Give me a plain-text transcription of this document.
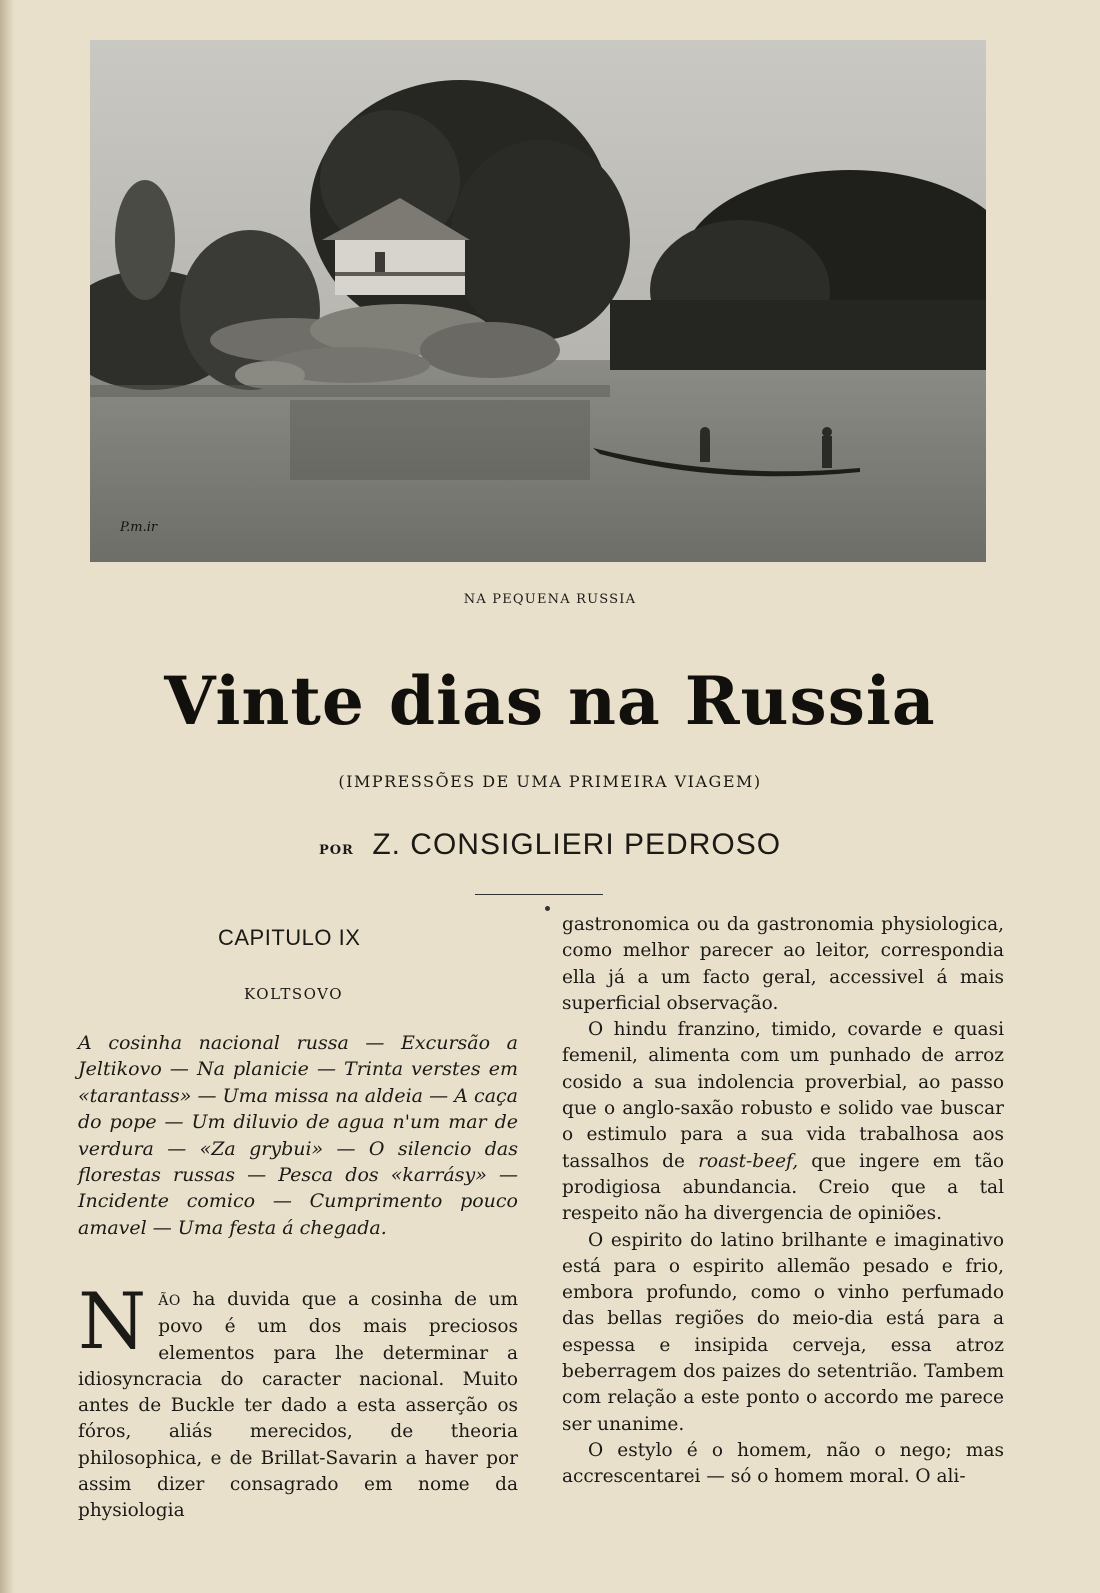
P.m.ir
NA PEQUENA RUSSIA
Vinte dias na Russia
(IMPRESSÕES DE UMA PRIMEIRA VIAGEM)
POR Z. CONSIGLIERI PEDROSO
CAPITULO IX
KOLTSOVO
A cosinha nacional russa — Excursão a Jeltikovo — Na planicie — Trinta verstes em «tarantass» — Uma missa na aldeia — A caça do pope — Um diluvio de agua n'um mar de verdura — «Za grybui» — O silencio das florestas russas — Pesca dos «karrásy» — Incidente comico — Cumprimento pouco amavel — Uma festa á chegada.
NÃO ha duvida que a cosinha de um povo é um dos mais preciosos elementos para lhe determinar a idiosyncracia do caracter nacional. Muito antes de Buckle ter dado a esta asserção os fóros, aliás merecidos, de theoria philosophica, e de Brillat-Savarin a haver por assim dizer consagrado em nome da physiologia

gastronomica ou da gastronomia physiologica, como melhor parecer ao leitor, correspondia ella já a um facto geral, accessivel á mais superficial observação.

O hindu franzino, timido, covarde e quasi femenil, alimenta com um punhado de arroz cosido a sua indolencia proverbial, ao passo que o anglo-saxão robusto e solido vae buscar o estimulo para a sua vida trabalhosa aos tassalhos de roast-beef, que ingere em tão prodigiosa abundancia. Creio que a tal respeito não ha divergencia de opiniões.

O espirito do latino brilhante e imaginativo está para o espirito allemão pesado e frio, embora profundo, como o vinho perfumado das bellas regiões do meio-dia está para a espessa e insipida cerveja, essa atroz beberragem dos paizes do setentrião. Tambem com relação a este ponto o accordo me parece ser unanime.

O estylo é o homem, não o nego; mas accrescentarei — só o homem moral. O ali-
